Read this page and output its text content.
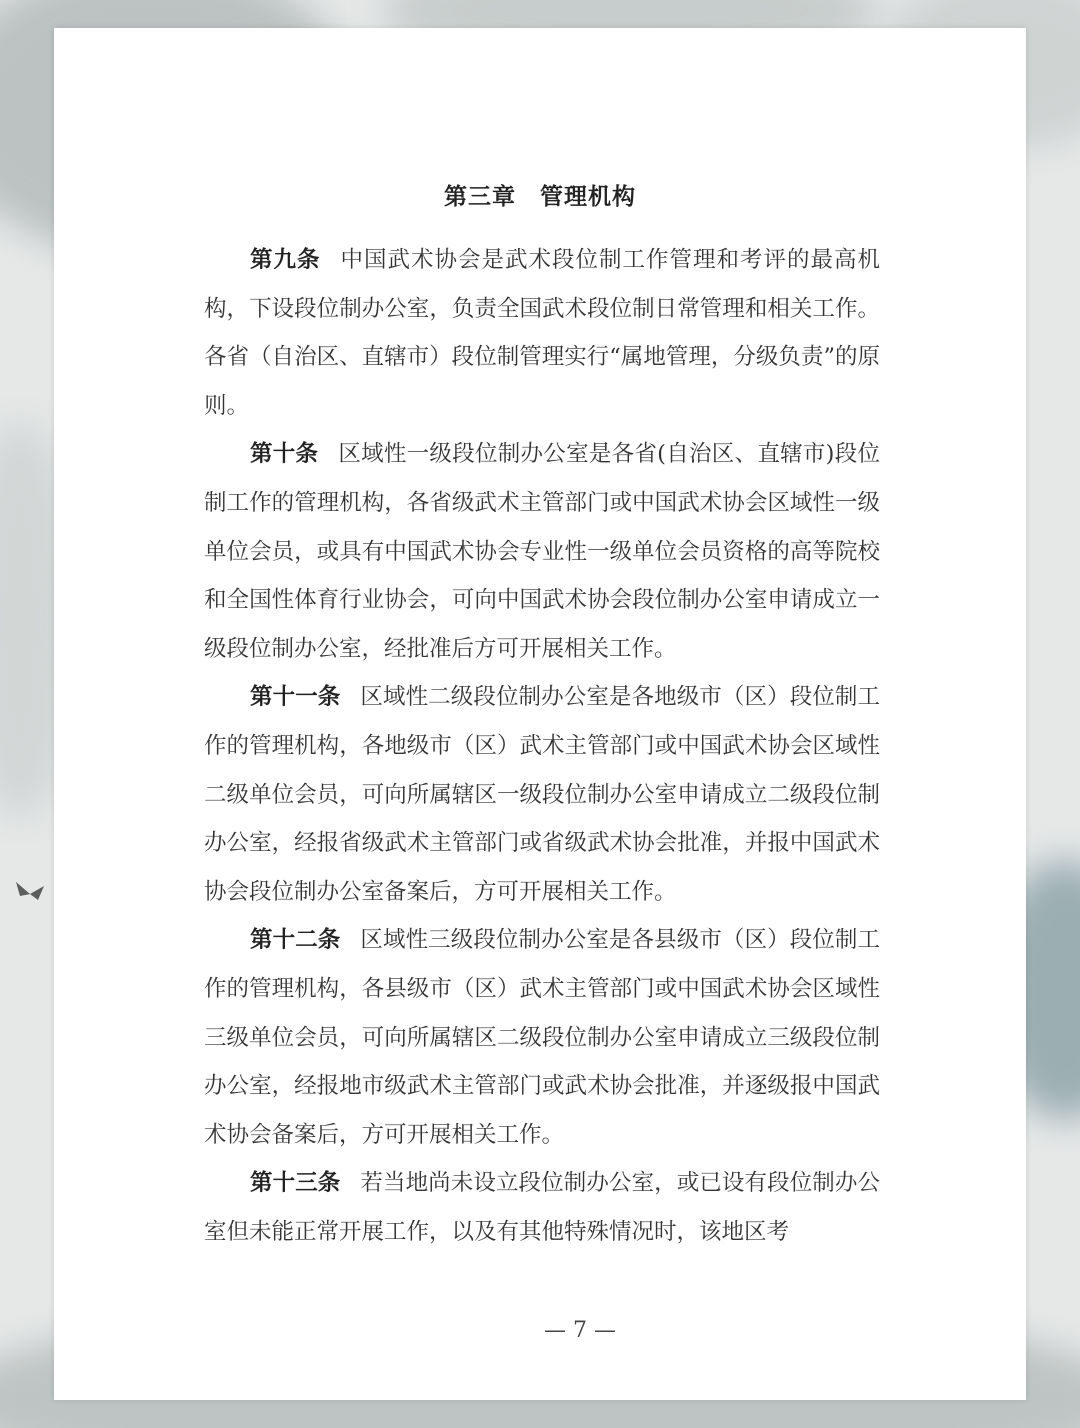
第三章 管理机构

第九条 中国武术协会是武术段位制工作管理和考评的最高机构，下设段位制办公室，负责全国武术段位制日常管理和相关工作。各省（自治区、直辖市）段位制管理实行“属地管理，分级负责”的原则。

第十条 区域性一级段位制办公室是各省(自治区、直辖市)段位制工作的管理机构，各省级武术主管部门或中国武术协会区域性一级单位会员，或具有中国武术协会专业性一级单位会员资格的高等院校和全国性体育行业协会，可向中国武术协会段位制办公室申请成立一级段位制办公室，经批准后方可开展相关工作。

第十一条 区域性二级段位制办公室是各地级市（区）段位制工作的管理机构，各地级市（区）武术主管部门或中国武术协会区域性二级单位会员，可向所属辖区一级段位制办公室申请成立二级段位制办公室，经报省级武术主管部门或省级武术协会批准，并报中国武术协会段位制办公室备案后，方可开展相关工作。

第十二条 区域性三级段位制办公室是各县级市（区）段位制工作的管理机构，各县级市（区）武术主管部门或中国武术协会区域性三级单位会员，可向所属辖区二级段位制办公室申请成立三级段位制办公室，经报地市级武术主管部门或武术协会批准，并逐级报中国武术协会备案后，方可开展相关工作。

第十三条 若当地尚未设立段位制办公室，或已设有段位制办公室但未能正常开展工作，以及有其他特殊情况时，该地区考

— 7 —
